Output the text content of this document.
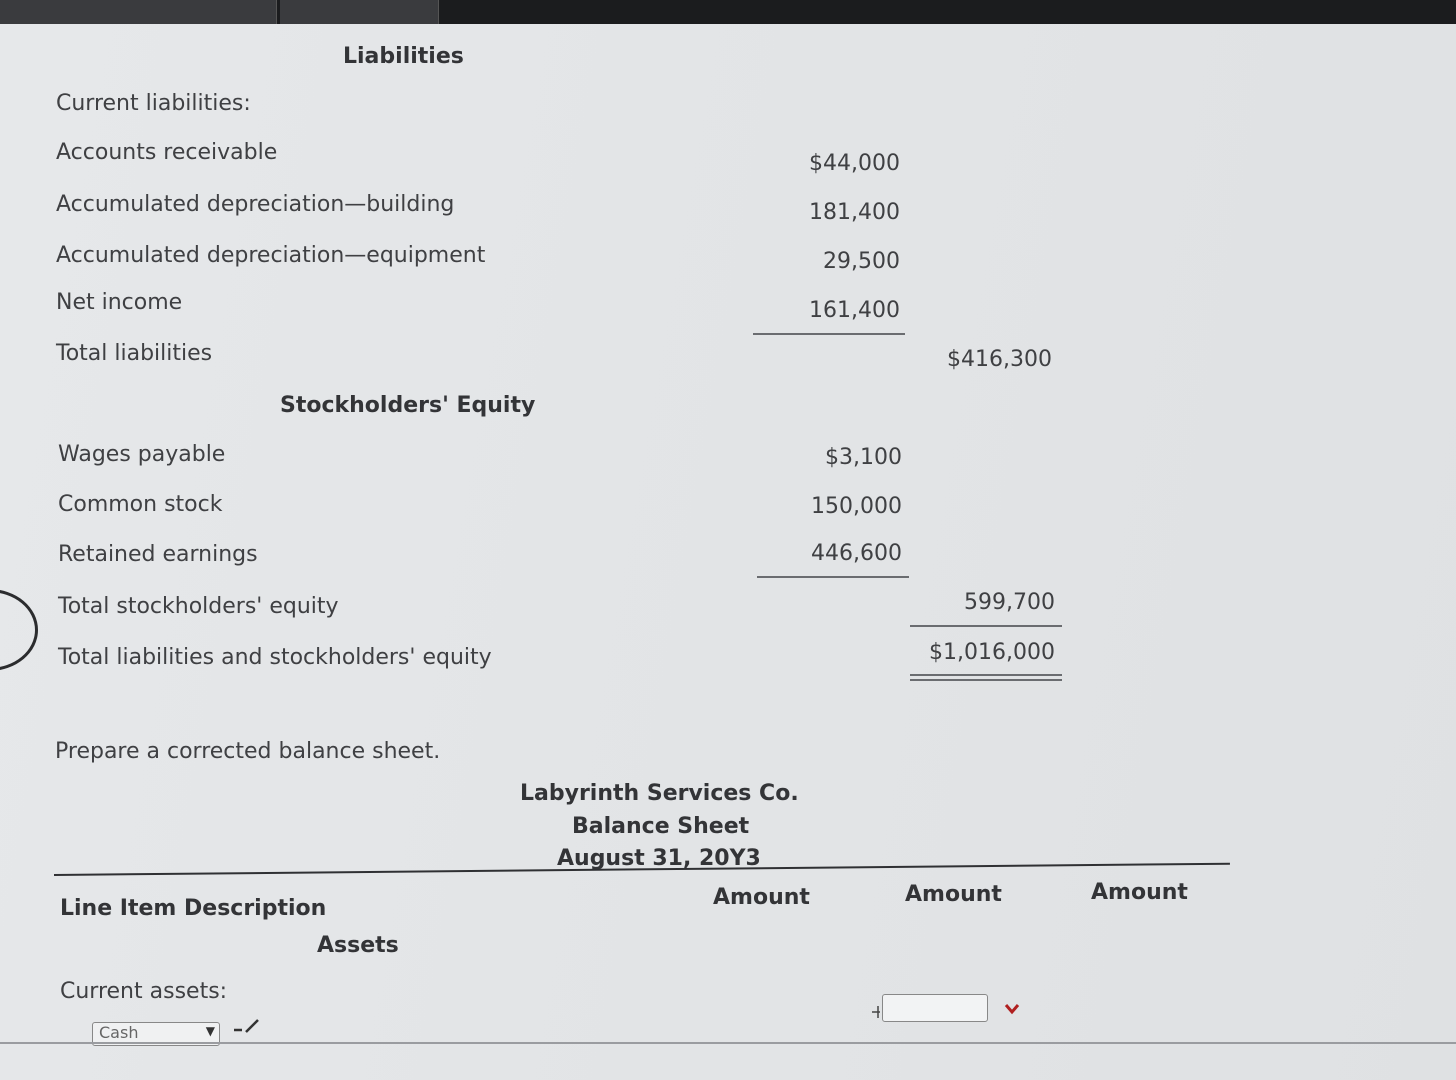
Liabilities
Current liabilities:
Accounts receivable	$44,000
Accumulated depreciation—building	181,400
Accumulated depreciation—equipment	29,500
Net income	161,400
Total liabilities	$416,300
Stockholders' Equity
Wages payable	$3,100
Common stock	150,000
Retained earnings	446,600
Total stockholders' equity	599,700
Total liabilities and stockholders' equity	$1,016,000
Prepare a corrected balance sheet.
Labyrinth Services Co.
Balance Sheet
August 31, 20Y3
Line Item Description	Amount	Amount	Amount
Assets
Current assets:
Cash	▼
